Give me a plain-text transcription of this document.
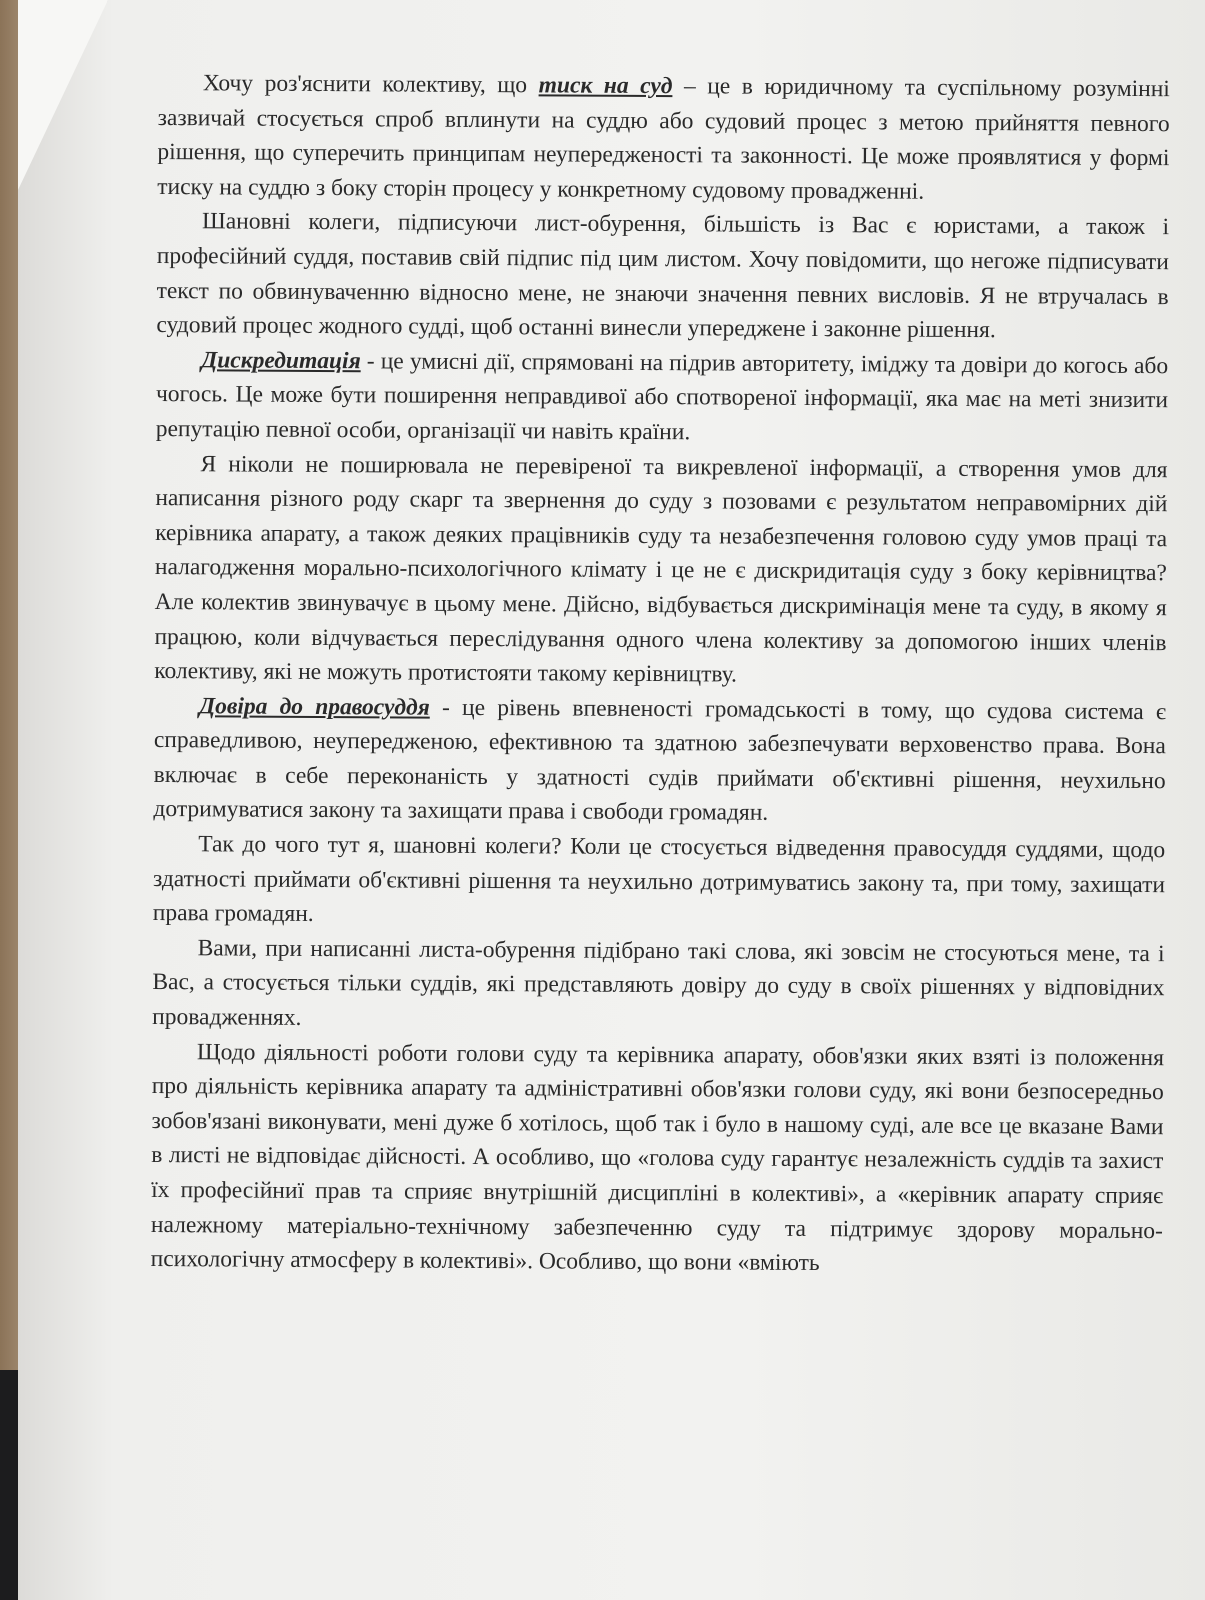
Хочу роз'яснити колективу, що тиск на суд – це в юридичному та суспільному розумінні зазвичай стосується спроб вплинути на суддю або судовий процес з метою прийняття певного рішення, що суперечить принципам неупередженості та законності. Це може проявлятися у формі тиску на суддю з боку сторін процесу у конкретному судовому провадженні.

Шановні колеги, підписуючи лист-обурення, більшість із Вас є юристами, а також і професійний суддя, поставив свій підпис під цим листом. Хочу повідомити, що негоже підписувати текст по обвинуваченню відносно мене, не знаючи значення певних висловів. Я не втручалась в судовий процес жодного судді, щоб останні винесли упереджене і законне рішення.

Дискредитація - це умисні дії, спрямовані на підрив авторитету, іміджу та довіри до когось або чогось. Це може бути поширення неправдивої або спотвореної інформації, яка має на меті знизити репутацію певної особи, організації чи навіть країни.

Я ніколи не поширювала не перевіреної та викревленої інформації, а створення умов для написання різного роду скарг та звернення до суду з позовами є результатом неправомірних дій керівника апарату, а також деяких працівників суду та незабезпечення головою суду умов праці та налагодження морально-психологічного клімату і це не є дискридитація суду з боку керівництва? Але колектив звинувачує в цьому мене. Дійсно, відбувається дискримінація мене та суду, в якому я працюю, коли відчувається переслідування одного члена колективу за допомогою інших членів колективу, які не можуть протистояти такому керівництву.

Довіра до правосуддя - це рівень впевненості громадськості в тому, що судова система є справедливою, неупередженою, ефективною та здатною забезпечувати верховенство права. Вона включає в себе переконаність у здатності судів приймати об'єктивні рішення, неухильно дотримуватися закону та захищати права і свободи громадян.

Так до чого тут я, шановні колеги? Коли це стосується відведення правосуддя суддями, щодо здатності приймати об'єктивні рішення та неухильно дотримуватись закону та, при тому, захищати права громадян.

Вами, при написанні листа-обурення підібрано такі слова, які зовсім не стосуються мене, та і Вас, а стосується тільки суддів, які представляють довіру до суду в своїх рішеннях у відповідних провадженнях.

Щодо діяльності роботи голови суду та керівника апарату, обов'язки яких взяті із положення про діяльність керівника апарату та адміністративні обов'язки голови суду, які вони безпосередньо зобов'язані виконувати, мені дуже б хотілось, щоб так і було в нашому суді, але все це вказане Вами в листі не відповідає дійсності. А особливо, що «голова суду гарантує незалежність суддів та захист їх професійниї прав та сприяє внутрішній дисципліні в колективі», а «керівник апарату сприяє належному матеріально-технічному забезпеченню суду та підтримує здорову морально-психологічну атмосферу в колективі». Особливо, що вони «вміють
